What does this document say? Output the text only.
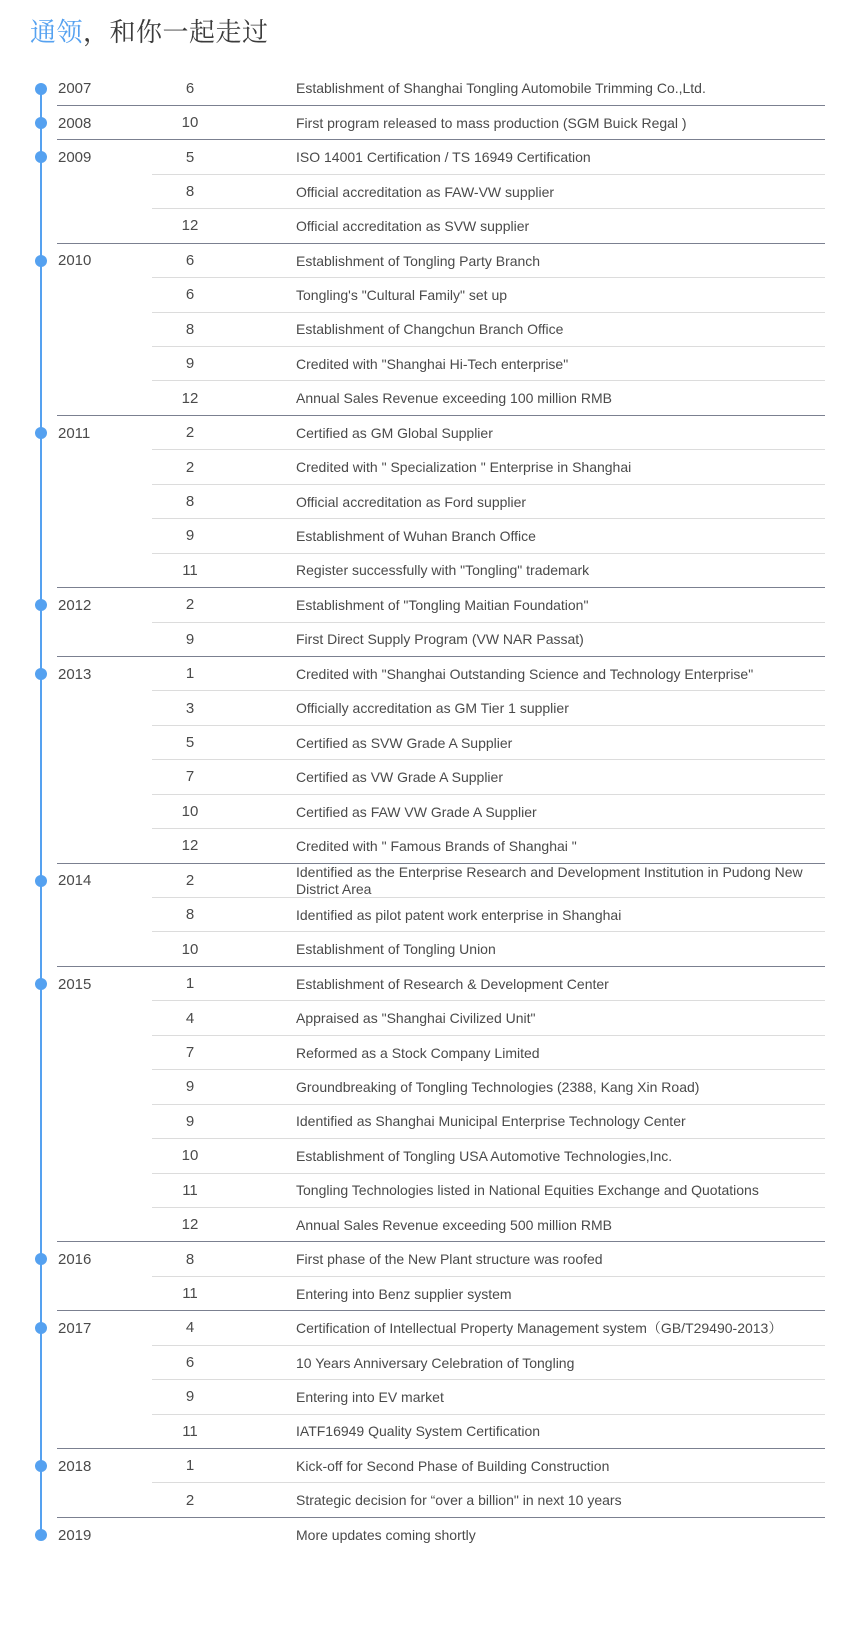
通领，和你一起走过
2007	6	Establishment of Shanghai Tongling Automobile Trimming Co.,Ltd.
2008	10	First program released to mass production (SGM Buick Regal )
2009	5	ISO 14001 Certification / TS 16949 Certification
8	Official accreditation as FAW-VW supplier
12	Official accreditation as SVW supplier
2010	6	Establishment of Tongling Party Branch
6	Tongling's "Cultural Family" set up
8	Establishment of Changchun Branch Office
9	Credited with "Shanghai Hi-Tech enterprise"
12	Annual Sales Revenue exceeding 100 million RMB
2011	2	Certified as GM Global Supplier
2	Credited with " Specialization " Enterprise in Shanghai
8	Official accreditation as Ford supplier
9	Establishment of Wuhan Branch Office
11	Register successfully with "Tongling" trademark
2012	2	Establishment of "Tongling Maitian Foundation"
9	First Direct Supply Program (VW NAR Passat)
2013	1	Credited with "Shanghai Outstanding Science and Technology Enterprise"
3	Officially accreditation as GM Tier 1 supplier
5	Certified as SVW Grade A Supplier
7	Certified as VW Grade A Supplier
10	Certified as FAW VW Grade A Supplier
12	Credited with " Famous Brands of Shanghai "
2014	2	Identified as the Enterprise Research and Development Institution in Pudong New District Area
8	Identified as pilot patent work enterprise in Shanghai
10	Establishment of Tongling Union
2015	1	Establishment of Research & Development Center
4	Appraised as "Shanghai Civilized Unit"
7	Reformed as a Stock Company Limited
9	Groundbreaking of Tongling Technologies (2388, Kang Xin Road)
9	Identified as Shanghai Municipal Enterprise Technology Center
10	Establishment of Tongling USA Automotive Technologies,Inc.
11	Tongling Technologies listed in National Equities Exchange and Quotations
12	Annual Sales Revenue exceeding 500 million RMB
2016	8	First phase of the New Plant structure was roofed
11	Entering into Benz supplier system
2017	4	Certification of Intellectual Property Management system（GB/T29490-2013）
6	10 Years Anniversary Celebration of Tongling
9	Entering into EV market
11	IATF16949 Quality System Certification
2018	1	Kick-off for Second Phase of Building Construction
2	Strategic decision for “over a billion" in next 10 years
2019	More updates coming shortly
